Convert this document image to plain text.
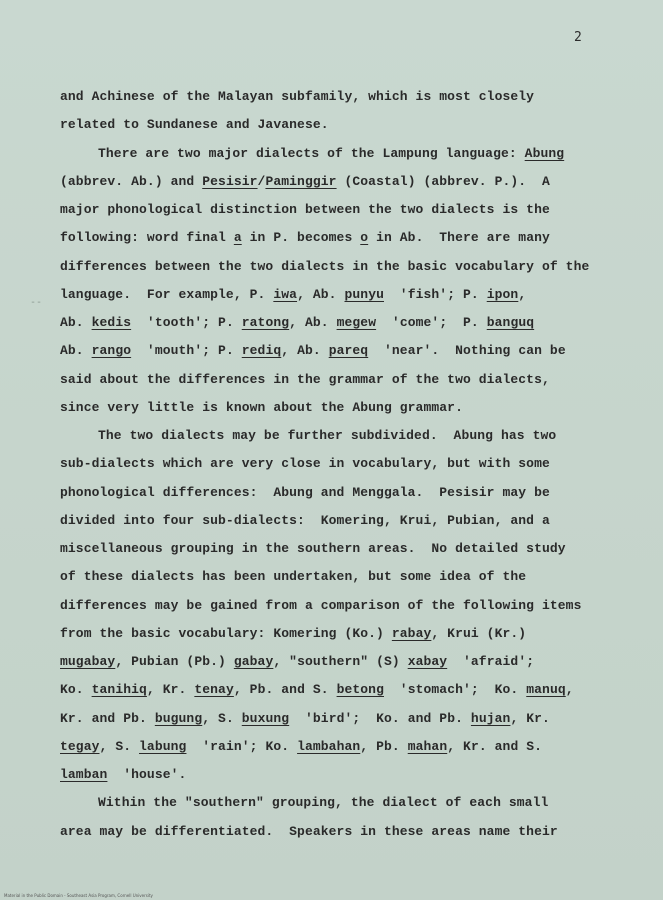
2
--
and Achinese of the Malayan subfamily, which is most closely
related to Sundanese and Javanese.
There are two major dialects of the Lampung language: Abung
(abbrev. Ab.) and Pesisir/Paminggir (Coastal) (abbrev. P.).  A
major phonological distinction between the two dialects is the
following: word final a in P. becomes o in Ab.  There are many
differences between the two dialects in the basic vocabulary of the
language.  For example, P. iwa, Ab. punyu  'fish'; P. ipon,
Ab. kedis  'tooth'; P. ratong, Ab. megew  'come';  P. banguq
Ab. rango  'mouth'; P. rediq, Ab. pareq  'near'.  Nothing can be
said about the differences in the grammar of the two dialects,
since very little is known about the Abung grammar.
The two dialects may be further subdivided.  Abung has two
sub-dialects which are very close in vocabulary, but with some
phonological differences:  Abung and Menggala.  Pesisir may be
divided into four sub-dialects:  Komering, Krui, Pubian, and a
miscellaneous grouping in the southern areas.  No detailed study
of these dialects has been undertaken, but some idea of the
differences may be gained from a comparison of the following items
from the basic vocabulary: Komering (Ko.) rabay, Krui (Kr.)
mugabay, Pubian (Pb.) gabay, "southern" (S) xabay  'afraid';
Ko. tanihiq, Kr. tenay, Pb. and S. betong  'stomach';  Ko. manuq,
Kr. and Pb. bugung, S. buxung  'bird';  Ko. and Pb. hujan, Kr.
tegay, S. labung  'rain'; Ko. lambahan, Pb. mahan, Kr. and S.
lamban  'house'.
Within the "southern" grouping, the dialect of each small
area may be differentiated.  Speakers in these areas name their
Material in the Public Domain - Southeast Asia Program, Cornell University
